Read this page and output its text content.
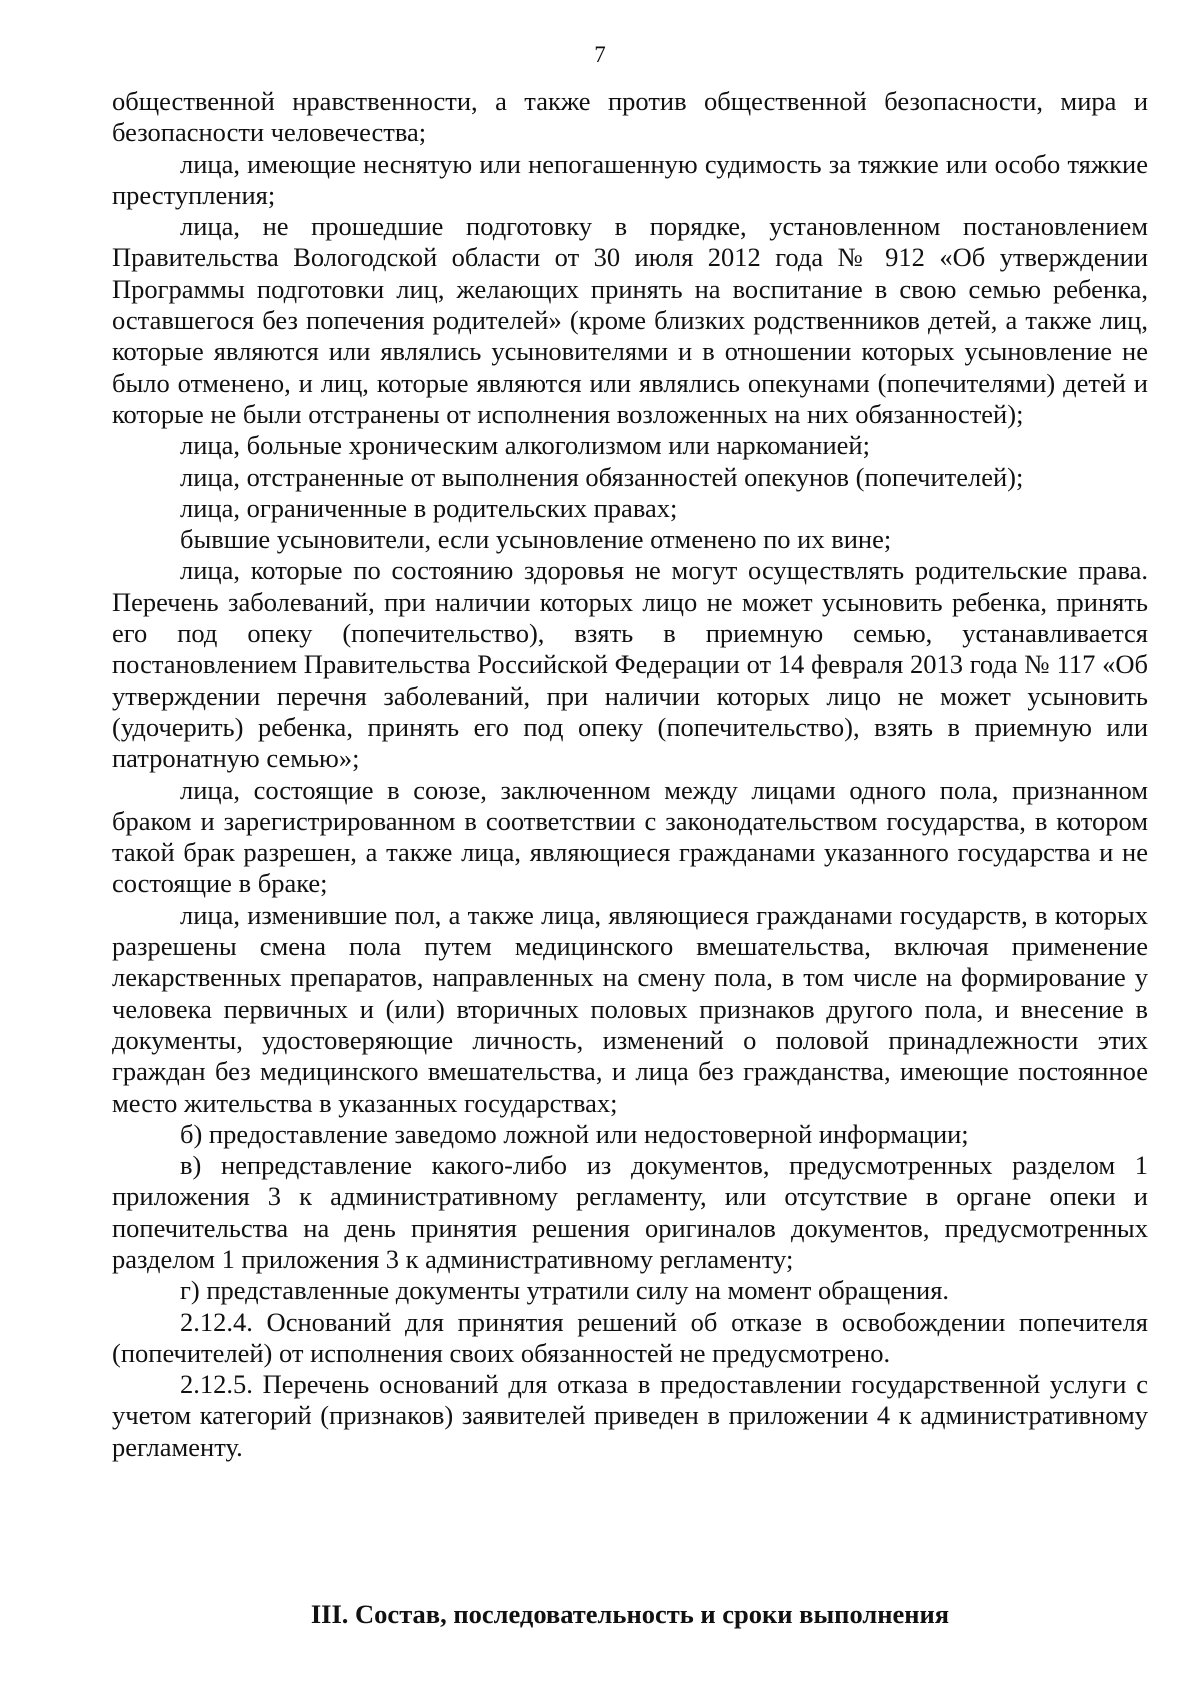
7

общественной нравственности, а также против общественной безопасности, мира и безопасности человечества;

лица, имеющие неснятую или непогашенную судимость за тяжкие или особо тяжкие преступления;

лица, не прошедшие подготовку в порядке, установленном постановлением Правительства Вологодской области от 30 июля 2012 года № 912 «Об утверждении Программы подготовки лиц, желающих принять на воспитание в свою семью ребенка, оставшегося без попечения родителей» (кроме близких родственников детей, а также лиц, которые являются или являлись усыновителями и в отношении которых усыновление не было отменено, и лиц, которые являются или являлись опекунами (попечителями) детей и которые не были отстранены от исполнения возложенных на них обязанностей);

лица, больные хроническим алкоголизмом или наркоманией;

лица, отстраненные от выполнения обязанностей опекунов (попечителей);

лица, ограниченные в родительских правах;

бывшие усыновители, если усыновление отменено по их вине;

лица, которые по состоянию здоровья не могут осуществлять родительские права. Перечень заболеваний, при наличии которых лицо не может усыновить ребенка, принять его под опеку (попечительство), взять в приемную семью, устанавливается постановлением Правительства Российской Федерации от 14 февраля 2013 года № 117 «Об утверждении перечня заболеваний, при наличии которых лицо не может усыновить (удочерить) ребенка, принять его под опеку (попечительство), взять в приемную или патронатную семью»;

лица, состоящие в союзе, заключенном между лицами одного пола, признанном браком и зарегистрированном в соответствии с законодательством государства, в котором такой брак разрешен, а также лица, являющиеся гражданами указанного государства и не состоящие в браке;

лица, изменившие пол, а также лица, являющиеся гражданами государств, в которых разрешены смена пола путем медицинского вмешательства, включая применение лекарственных препаратов, направленных на смену пола, в том числе на формирование у человека первичных и (или) вторичных половых признаков другого пола, и внесение в документы, удостоверяющие личность, изменений о половой принадлежности этих граждан без медицинского вмешательства, и лица без гражданства, имеющие постоянное место жительства в указанных государствах;

б) предоставление заведомо ложной или недостоверной информации;

в) непредставление какого-либо из документов, предусмотренных разделом 1 приложения 3 к административному регламенту, или отсутствие в органе опеки и попечительства на день принятия решения оригиналов документов, предусмотренных разделом 1 приложения 3 к административному регламенту;

г) представленные документы утратили силу на момент обращения.

2.12.4. Оснований для принятия решений об отказе в освобождении попечителя (попечителей) от исполнения своих обязанностей не предусмотрено.

2.12.5. Перечень оснований для отказа в предоставлении государственной услуги с учетом категорий (признаков) заявителей приведен в приложении 4 к административному регламенту.

III. Состав, последовательность и сроки выполнения
